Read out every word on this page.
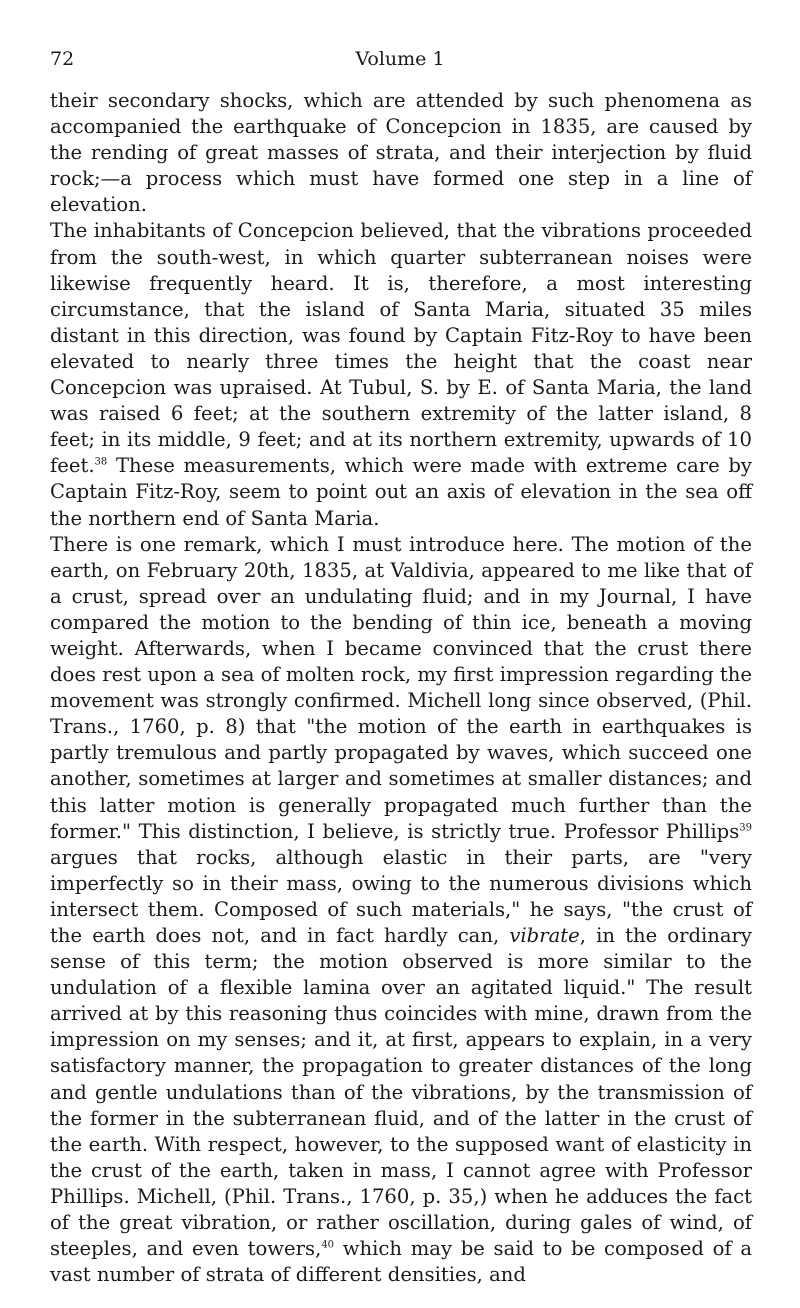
72	Volume 1

their secondary shocks, which are attended by such phenomena as accompanied the earthquake of Concepcion in 1835, are caused by the rending of great masses of strata, and their interjection by fluid rock;—a process which must have formed one step in a line of elevation.

The inhabitants of Concepcion believed, that the vibrations proceeded from the south-west, in which quarter subterranean noises were likewise frequently heard. It is, therefore, a most interesting circumstance, that the island of Santa Maria, situated 35 miles distant in this direction, was found by Captain Fitz-Roy to have been elevated to nearly three times the height that the coast near Concepcion was upraised. At Tubul, S. by E. of Santa Maria, the land was raised 6 feet; at the southern extremity of the latter island, 8 feet; in its middle, 9 feet; and at its northern extremity, upwards of 10 feet.$^{38}$ These measurements, which were made with extreme care by Captain Fitz-Roy, seem to point out an axis of elevation in the sea off the northern end of Santa Maria.

There is one remark, which I must introduce here. The motion of the earth, on February 20th, 1835, at Valdivia, appeared to me like that of a crust, spread over an undulating fluid; and in my Journal, I have compared the motion to the bending of thin ice, beneath a moving weight. Afterwards, when I became convinced that the crust there does rest upon a sea of molten rock, my first impression regarding the movement was strongly confirmed. Michell long since observed, (Phil. Trans., 1760, p. 8) that "the motion of the earth in earthquakes is partly tremulous and partly propagated by waves, which succeed one another, sometimes at larger and sometimes at smaller distances; and this latter motion is generally propagated much further than the former." This distinction, I believe, is strictly true. Professor Phillips$^{39}$ argues that rocks, although elastic in their parts, are "very imperfectly so in their mass, owing to the numerous divisions which intersect them. Composed of such materials," he says, "the crust of the earth does not, and in fact hardly can, vibrate, in the ordinary sense of this term; the motion observed is more similar to the undulation of a flexible lamina over an agitated liquid." The result arrived at by this reasoning thus coincides with mine, drawn from the impression on my senses; and it, at first, appears to explain, in a very satisfactory manner, the propagation to greater distances of the long and gentle undulations than of the vibrations, by the transmission of the former in the subterranean fluid, and of the latter in the crust of the earth. With respect, however, to the supposed want of elasticity in the crust of the earth, taken in mass, I cannot agree with Professor Phillips. Michell, (Phil. Trans., 1760, p. 35,) when he adduces the fact of the great vibration, or rather oscillation, during gales of wind, of steeples, and even towers,$^{40}$ which may be said to be composed of a vast number of strata of different densities, and
